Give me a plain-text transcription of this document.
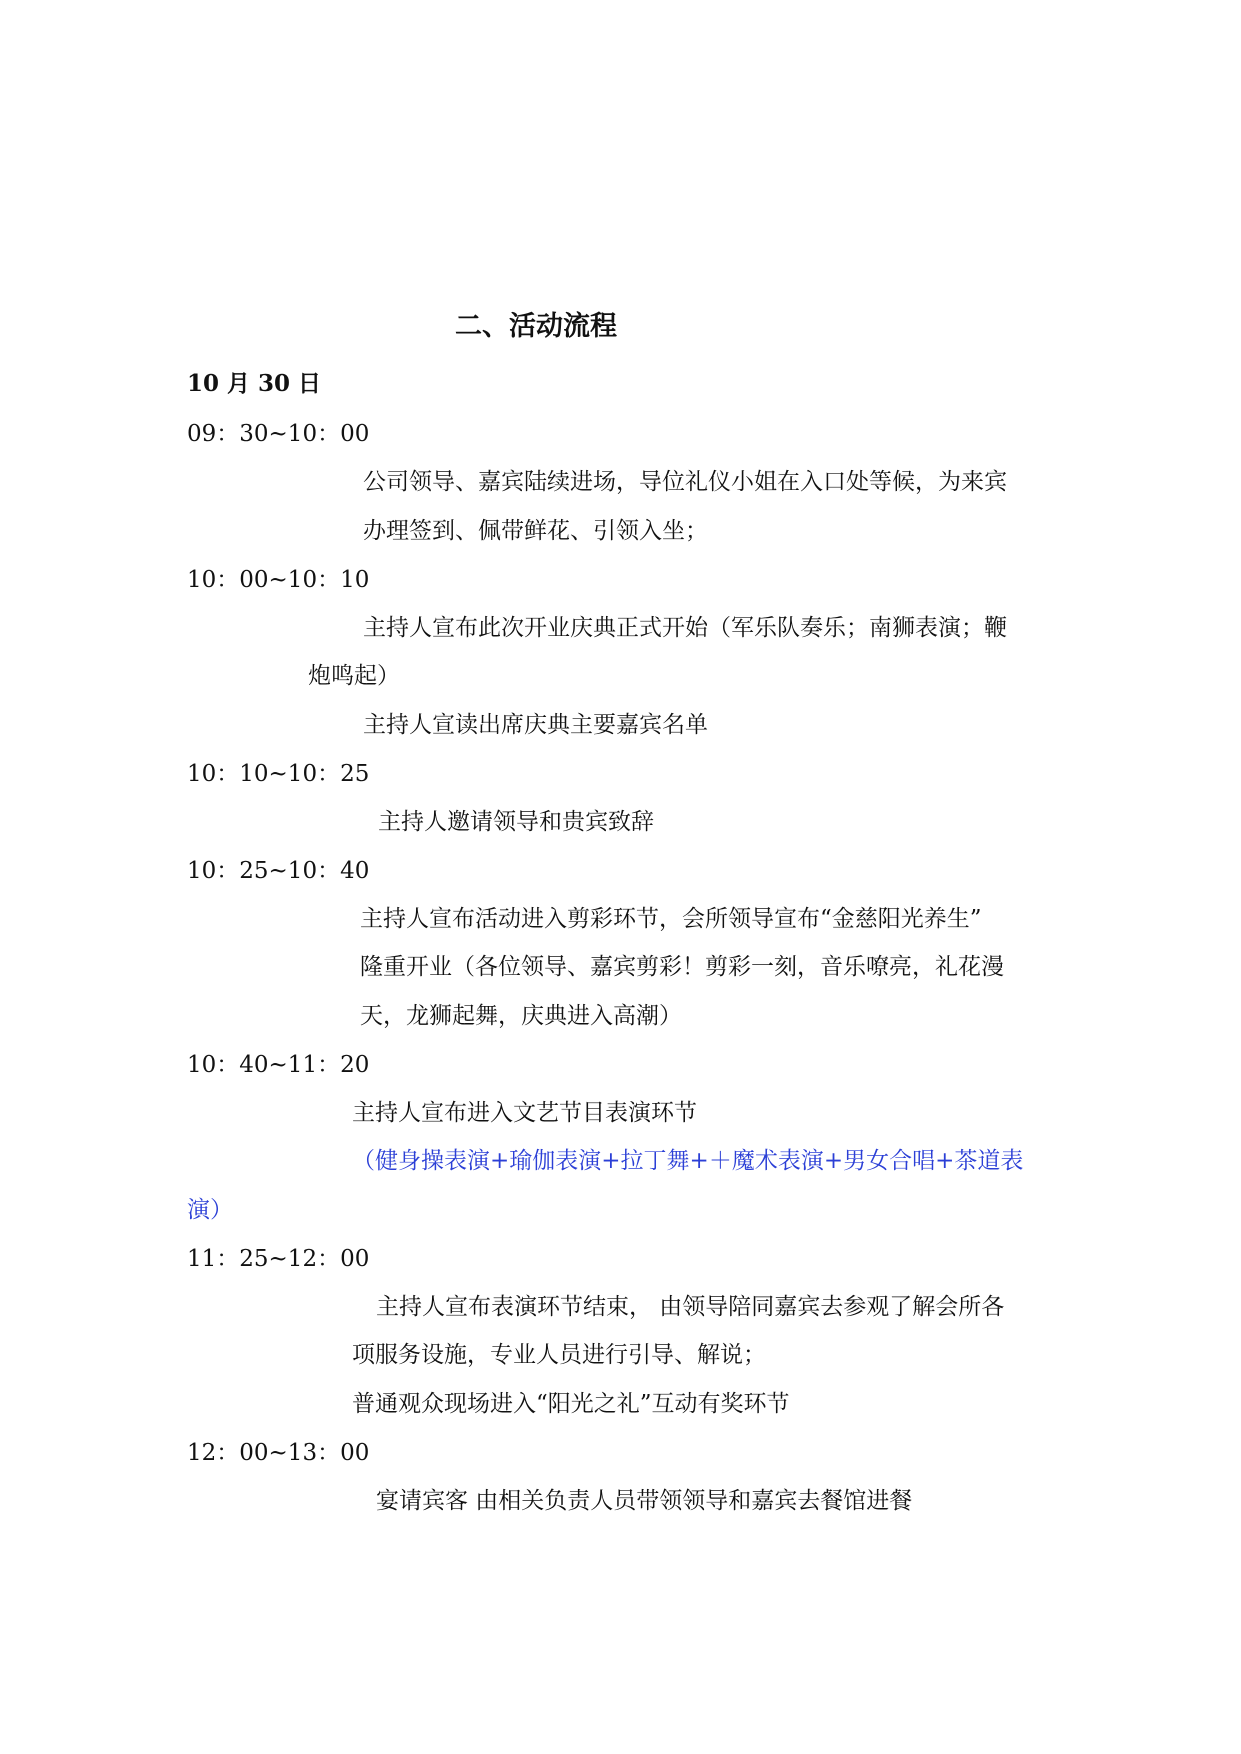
二、活动流程
10 月 30 日
09：30~10：00
公司领导、嘉宾陆续进场，导位礼仪小姐在入口处等候，为来宾
办理签到、佩带鲜花、引领入坐；
10：00~10：10
主持人宣布此次开业庆典正式开始（军乐队奏乐；南狮表演；鞭
炮鸣起）
主持人宣读出席庆典主要嘉宾名单
10：10~10：25
主持人邀请领导和贵宾致辞
10：25~10：40
主持人宣布活动进入剪彩环节，会所领导宣布“金慈阳光养生”
隆重开业（各位领导、嘉宾剪彩！剪彩一刻，音乐嘹亮，礼花漫
天，龙狮起舞，庆典进入高潮）
10：40~11：20
主持人宣布进入文艺节目表演环节
（健身操表演+瑜伽表演+拉丁舞+＋魔术表演+男女合唱+茶道表
演）
11：25~12：00
主持人宣布表演环节结束， 由领导陪同嘉宾去参观了解会所各
项服务设施，专业人员进行引导、解说；
普通观众现场进入“阳光之礼”互动有奖环节
12：00~13：00
宴请宾客 由相关负责人员带领领导和嘉宾去餐馆进餐
